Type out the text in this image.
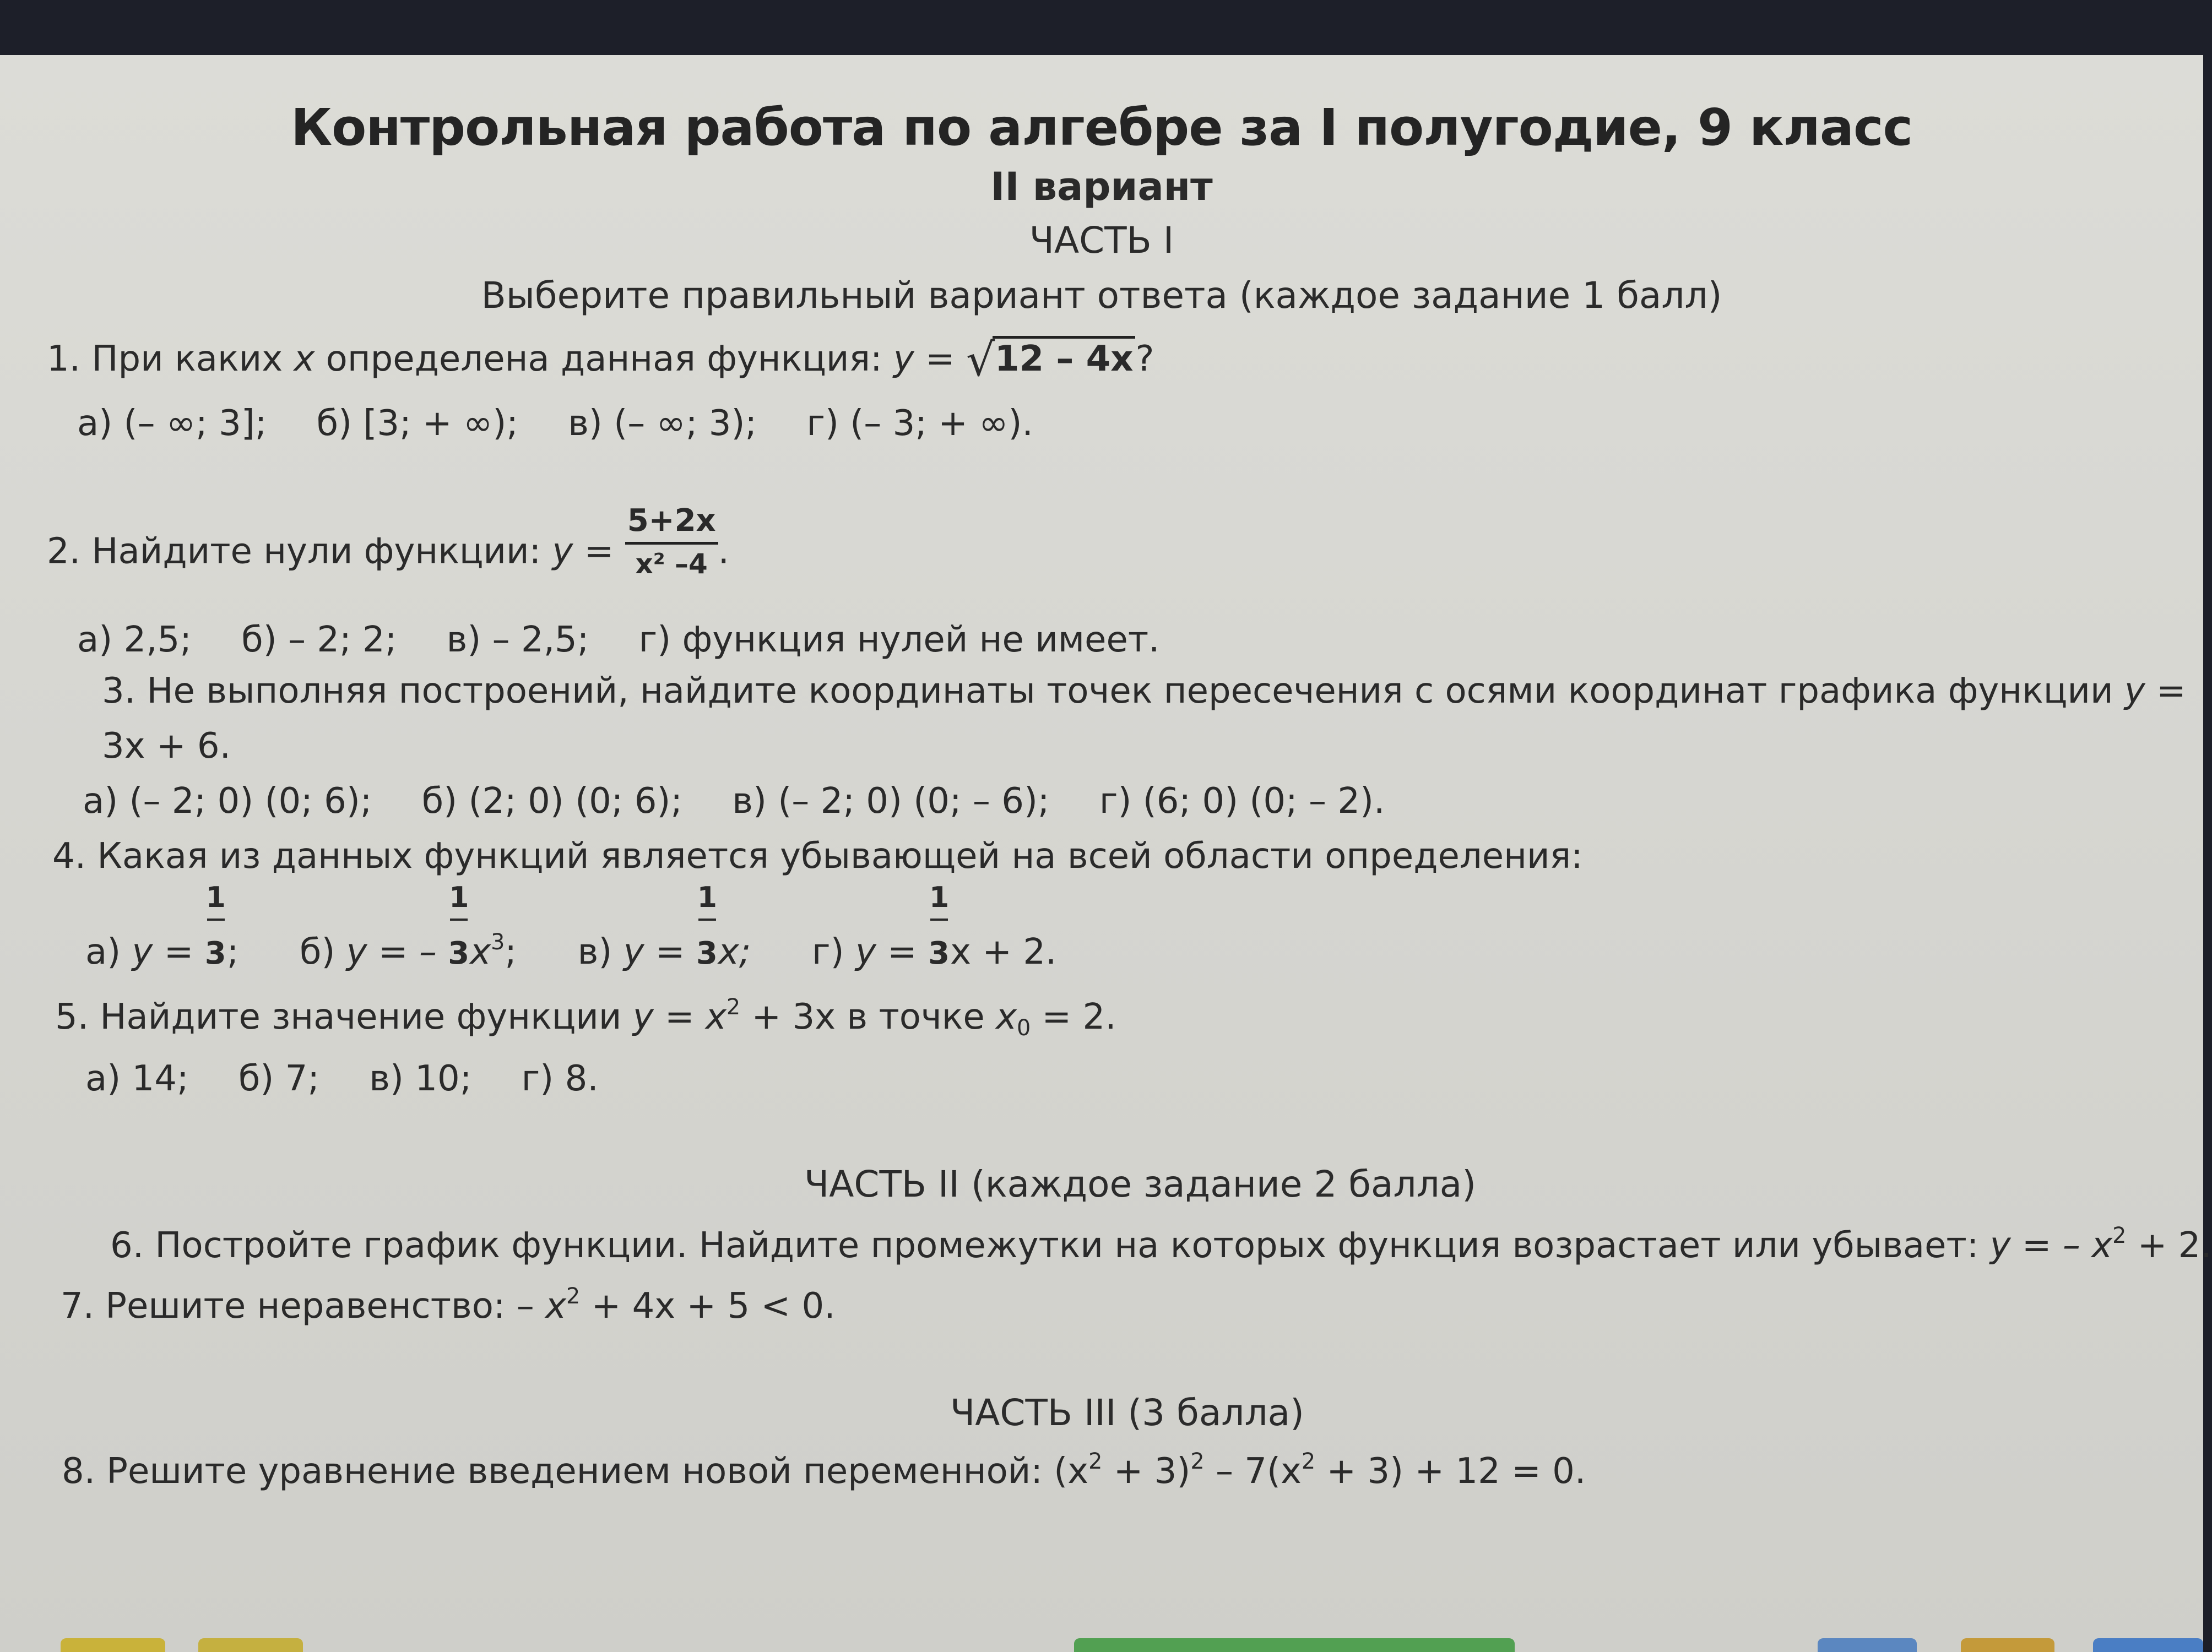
Контрольная работа по алгебре за I полугодие, 9 класс
II вариант
ЧАСТЬ I
Выберите правильный вариант ответа (каждое задание 1 балл)
1. При каких x определена данная функция: y = √ 12 – 4x?
а) (– ∞; 3]; б) [3; + ∞); в) (– ∞; 3); г) (– 3; + ∞).
2. Найдите нули функции: $y = \frac{5+2x}{\text{x² –4}}$ .
а) 2,5; б) – 2; 2; в) – 2,5; г) функция нулей не имеет.
3. Не выполняя построений, найдите координаты точек пересечения с осями координат графика функции y =
3x + 6.
а) (– 2; 0) (0; 6); б) (2; 0) (0; 6); в) (– 2; 0) (0; – 6); г) (6; 0) (0; – 2).
4. Какая из данных функций является убывающей на всей области определения:
а) $y = \frac{1}{3}$; б) y = – $\frac{1}{3}x^3$; в) $y = \frac{1}{3}x$; г) $y = \frac{1}{3}x + 2$.
5. Найдите значение функции $y = x^2 + 3x$ в точке $x_0 = 2$.
а) 14; б) 7; в) 10; г) 8.
ЧАСТЬ II (каждое задание 2 балла)
6. Постройте график функции. Найдите промежутки на которых функция возрастает или убывает: y = – $x^2 + 2$.
7. Решите неравенство: – $x^2 + 4x + 5 < 0$.
ЧАСТЬ III (3 балла)
8. Решите уравнение введением новой переменной: $(x^2 + 3)^2 - 7(x^2 + 3) + 12 = 0$.
